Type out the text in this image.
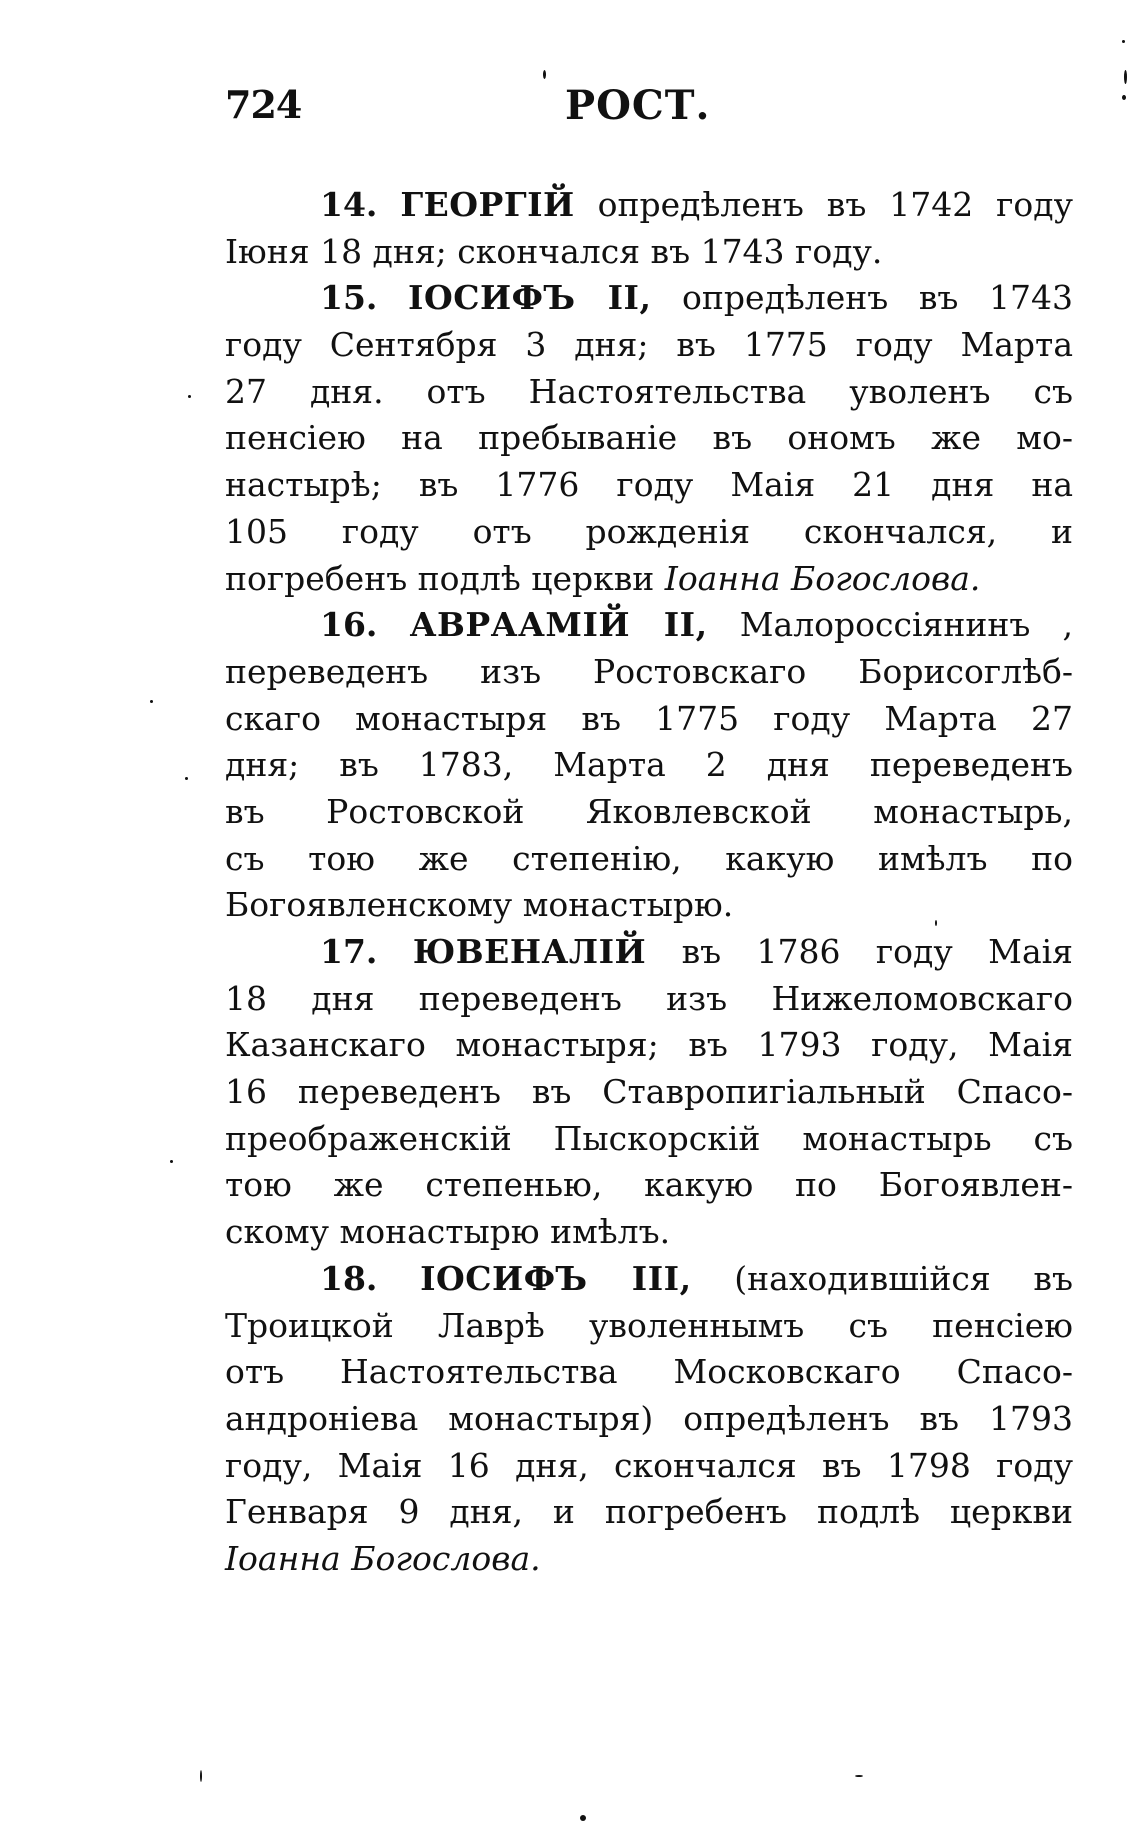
724	РОСТ.
14. ГЕОРГIЙ опредѣленъ въ 1742 году
Iюня 18 дня; скончался въ 1743 году.
15. IОСИФЪ II, опредѣленъ въ 1743
году Сентября 3 дня; въ 1775 году Марта
27 дня. отъ Настоятельства уволенъ съ
пенсiею на пребыванiе въ ономъ же мо-
настырѣ; въ 1776 году Маiя 21 дня на
105 году отъ рожденiя скончался, и
погребенъ подлѣ церкви Iоанна Богослова.
16. АВРААМIЙ II, Малороссiянинъ ,
переведенъ изъ Ростовскаго Борисоглѣб-
скаго монастыря въ 1775 году Марта 27
дня; въ 1783, Марта 2 дня переведенъ
въ Ростовской Яковлевской монастырь,
съ тою же степенiю, какую имѣлъ по
Богоявленскому монастырю.
17. ЮВЕНАЛIЙ въ 1786 году Маiя
18 дня переведенъ изъ Нижеломовскаго
Казанскаго монастыря; въ 1793 году, Маiя
16 переведенъ въ Ставропигiальный Спасо-
преображенскiй Пыскорскiй монастырь съ
тою же степенью, какую по Богоявлен-
скому монастырю имѣлъ.
18. IОСИФЪ III, (находившiйся въ
Троицкой Лаврѣ уволеннымъ съ пенсiею
отъ Настоятельства Московскаго Спасо-
андронiева монастыря) опредѣленъ въ 1793
году, Маiя 16 дня, скончался въ 1798 году
Генваря 9 дня, и погребенъ подлѣ церкви
Iоанна Богослова.
